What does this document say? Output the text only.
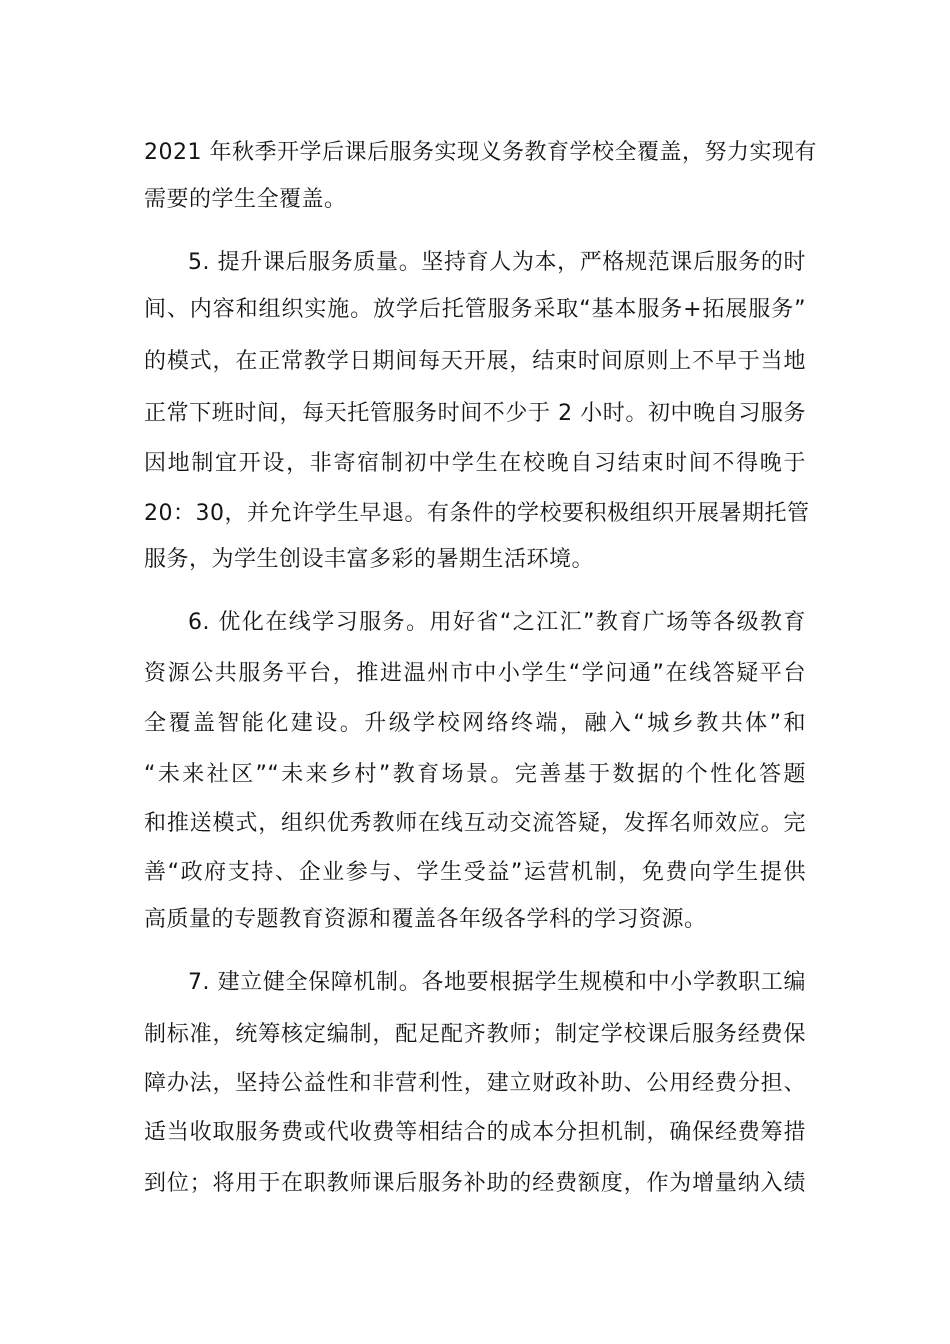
2021 年秋季开学后课后服务实现义务教育学校全覆盖，努力实现有
需要的学生全覆盖。
5. 提升课后服务质量。坚持育人为本，严格规范课后服务的时
间、内容和组织实施。放学后托管服务采取“基本服务+拓展服务”
的模式，在正常教学日期间每天开展，结束时间原则上不早于当地
正常下班时间，每天托管服务时间不少于 2 小时。初中晚自习服务
因地制宜开设，非寄宿制初中学生在校晚自习结束时间不得晚于
20：30，并允许学生早退。有条件的学校要积极组织开展暑期托管
服务，为学生创设丰富多彩的暑期生活环境。
6. 优化在线学习服务。用好省“之江汇”教育广场等各级教育
资源公共服务平台，推进温州市中小学生“学问通”在线答疑平台
全覆盖智能化建设。升级学校网络终端，融入“城乡教共体”和
“未来社区”“未来乡村”教育场景。完善基于数据的个性化答题
和推送模式，组织优秀教师在线互动交流答疑，发挥名师效应。完
善“政府支持、企业参与、学生受益”运营机制，免费向学生提供
高质量的专题教育资源和覆盖各年级各学科的学习资源。
7. 建立健全保障机制。各地要根据学生规模和中小学教职工编
制标准，统筹核定编制，配足配齐教师；制定学校课后服务经费保
障办法，坚持公益性和非营利性，建立财政补助、公用经费分担、
适当收取服务费或代收费等相结合的成本分担机制，确保经费筹措
到位；将用于在职教师课后服务补助的经费额度，作为增量纳入绩
